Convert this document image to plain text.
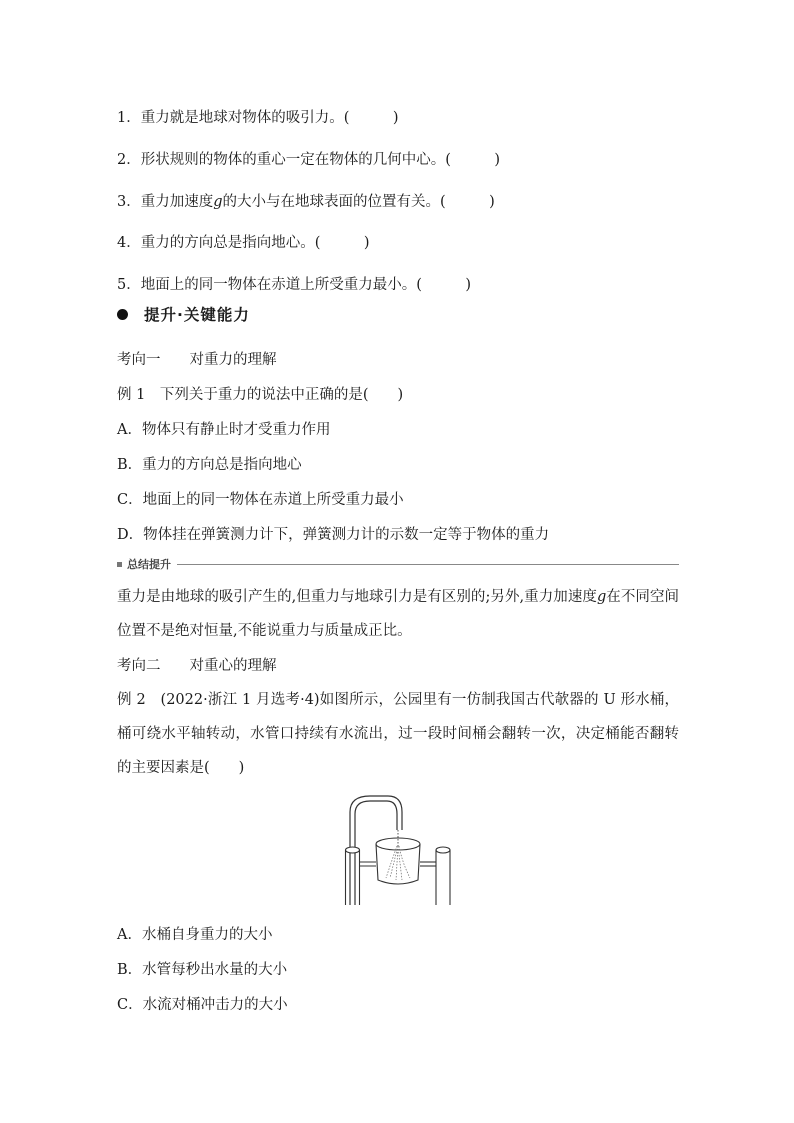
1．重力就是地球对物体的吸引力。(　　　)
2．形状规则的物体的重心一定在物体的几何中心。(　　　)
3．重力加速度g的大小与在地球表面的位置有关。(　　　)
4．重力的方向总是指向地心。(　　　)
5．地面上的同一物体在赤道上所受重力最小。(　　　)
提升·关键能力
考向一　　对重力的理解
例 1　下列关于重力的说法中正确的是(　　)
A．物体只有静止时才受重力作用
B．重力的方向总是指向地心
C．地面上的同一物体在赤道上所受重力最小
D．物体挂在弹簧测力计下，弹簧测力计的示数一定等于物体的重力
总结提升
重力是由地球的吸引产生的,但重力与地球引力是有区别的;另外,重力加速度g在不同空间位置不是绝对恒量,不能说重力与质量成正比。
考向二　　对重心的理解
例 2　(2022·浙江 1 月选考·4)如图所示，公园里有一仿制我国古代欹器的 U 形水桶，桶可绕水平轴转动，水管口持续有水流出，过一段时间桶会翻转一次，决定桶能否翻转的主要因素是(　　)
A．水桶自身重力的大小
B．水管每秒出水量的大小
C．水流对桶冲击力的大小
